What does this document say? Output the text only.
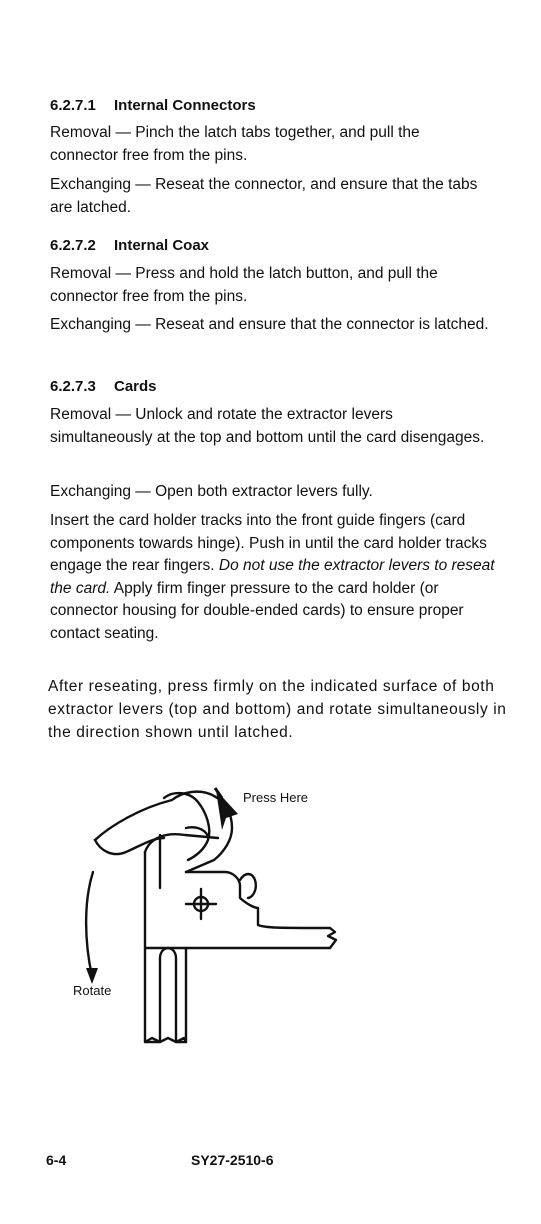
6.2.7.1 Internal Connectors

Removal — Pinch the latch tabs together, and pull the connector free from the pins.

Exchanging — Reseat the connector, and ensure that the tabs are latched.

6.2.7.2 Internal Coax

Removal — Press and hold the latch button, and pull the connector free from the pins.

Exchanging — Reseat and ensure that the connector is latched.

6.2.7.3 Cards

Removal — Unlock and rotate the extractor levers simultaneously at the top and bottom until the card disengages.

Exchanging — Open both extractor levers fully.

Insert the card holder tracks into the front guide fingers (card components towards hinge). Push in until the card holder tracks engage the rear fingers. Do not use the extractor levers to reseat the card. Apply firm finger pressure to the card holder (or connector housing for double-ended cards) to ensure proper contact seating.

After reseating, press firmly on the indicated surface of both extractor levers (top and bottom) and rotate simultaneously in the direction shown until latched.

Press Here
Rotate
6-4	SY27-2510-6
